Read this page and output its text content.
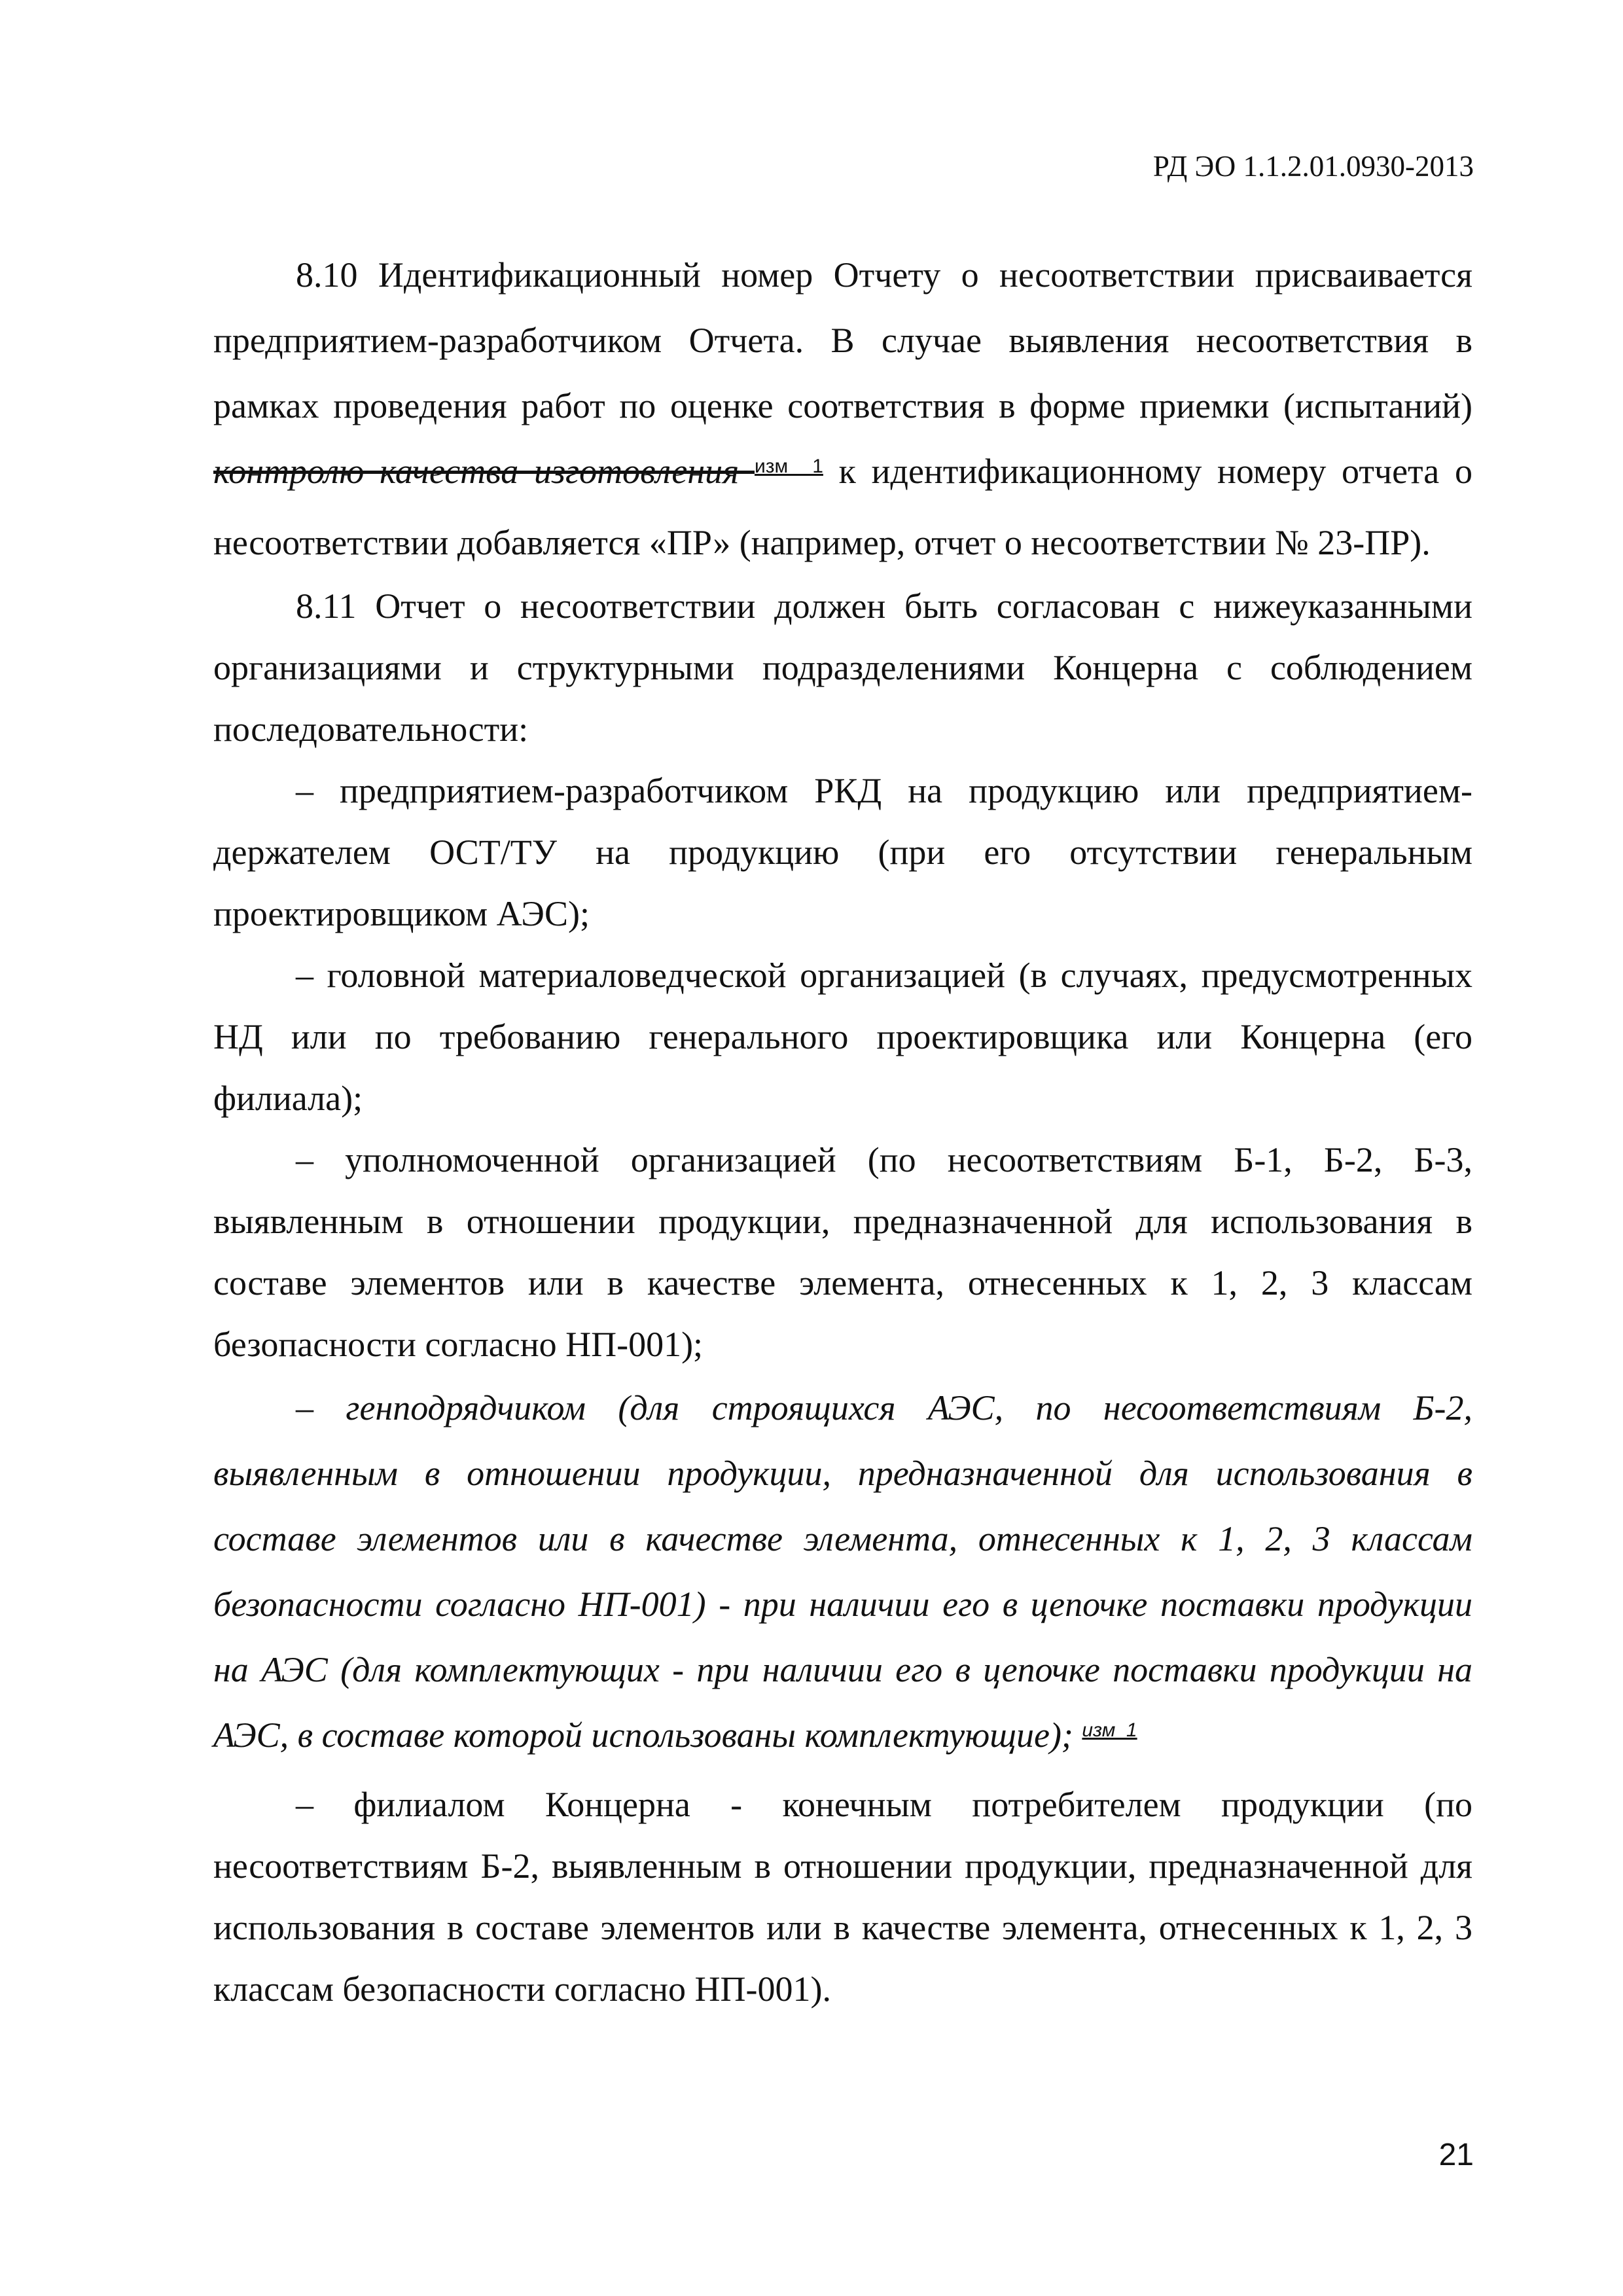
РД ЭО 1.1.2.01.0930-2013

8.10 Идентификационный номер Отчету о несоответствии присваивается предприятием-разработчиком Отчета. В случае выявления несоответствия в рамках проведения работ по оценке соответствия в форме приемки (испытаний) контролю качества изготовления $^{изм 1}$ к идентификационному номеру отчета о несоответствии добавляется «ПР» (например, отчет о несоответствии № 23-ПР).

8.11 Отчет о несоответствии должен быть согласован с нижеуказанными организациями и структурными подразделениями Концерна с соблюдением последовательности:

– предприятием-разработчиком РКД на продукцию или предприятием-держателем ОСТ/ТУ на продукцию (при его отсутствии генеральным проектировщиком АЭС);

– головной материаловедческой организацией (в случаях, предусмотренных НД или по требованию генерального проектировщика или Концерна (его филиала);

– уполномоченной организацией (по несоответствиям Б-1, Б-2, Б-3, выявленным в отношении продукции, предназначенной для использования в составе элементов или в качестве элемента, отнесенных к 1, 2, 3 классам безопасности согласно НП-001);

– генподрядчиком (для строящихся АЭС, по несоответствиям Б-2, выявленным в отношении продукции, предназначенной для использования в составе элементов или в качестве элемента, отнесенных к 1, 2, 3 классам безопасности согласно НП-001) - при наличии его в цепочке поставки продукции на АЭС (для комплектующих - при наличии его в цепочке поставки продукции на АЭС, в составе которой использованы комплектующие); $^{изм 1}$

– филиалом Концерна - конечным потребителем продукции (по несоответствиям Б-2, выявленным в отношении продукции, предназначенной для использования в составе элементов или в качестве элемента, отнесенных к 1, 2, 3 классам безопасности согласно НП-001).

21
